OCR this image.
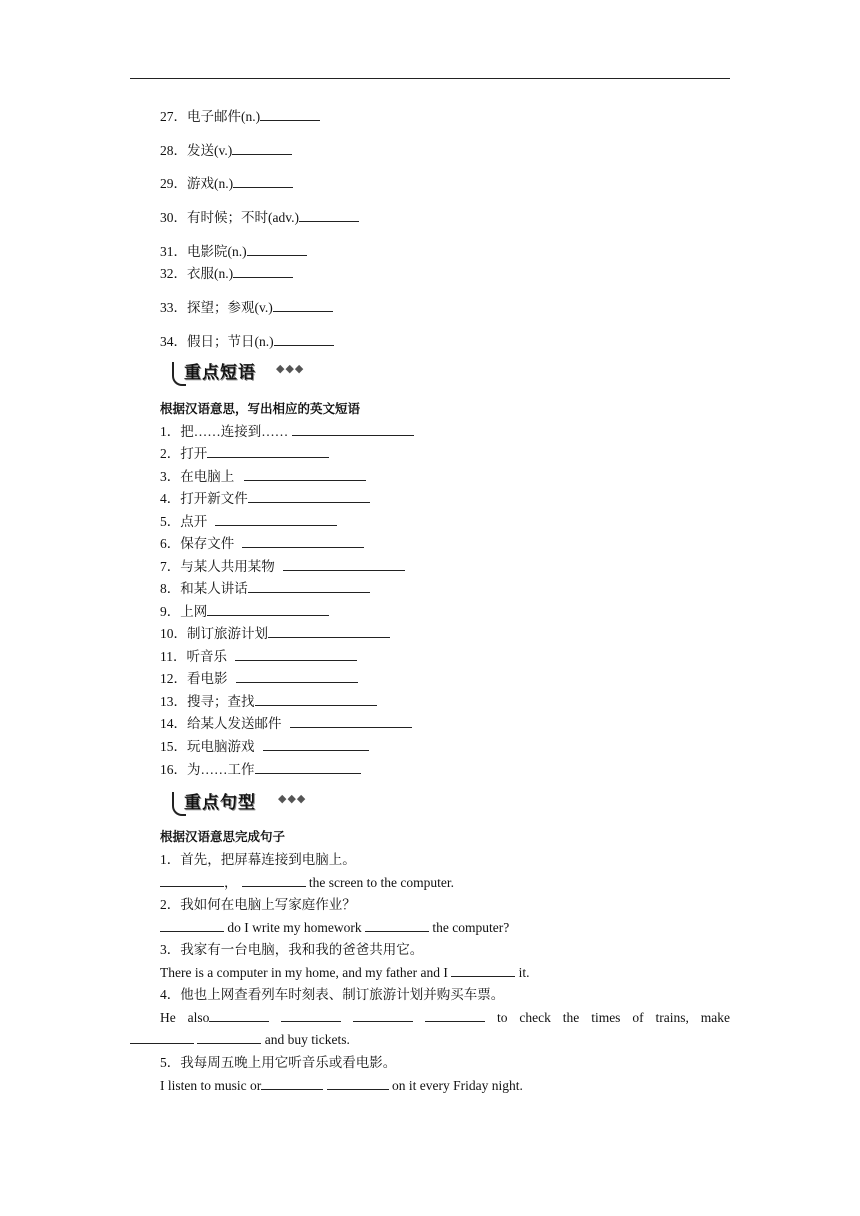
27．电子邮件(n.)
28．发送(v.)
29．游戏(n.)
30．有时候；不时(adv.)
31．电影院(n.)
32．衣服(n.)
33．探望；参观(v.)
34．假日；节日(n.)
重点短语 ◆◆◆
根据汉语意思，写出相应的英文短语
1．把……连接到……
2．打开
3．在电脑上
4．打开新文件
5．点开
6．保存文件
7．与某人共用某物
8．和某人讲话
9．上网
10．制订旅游计划
11．听音乐
12．看电影
13．搜寻；查找
14．给某人发送邮件
15．玩电脑游戏
16．为……工作
重点句型 ◆◆◆
根据汉语意思完成句子
1．首先，把屏幕连接到电脑上。
，	the screen to the computer.
2．我如何在电脑上写家庭作业？
do I write my homework	the computer?
3．我家有一台电脑，我和我的爸爸共用它。
There is a computer in my home, and my father and I	it.
4．他也上网查看列车时刻表、制订旅游计划并购买车票。
He also	to check the times of trains, make
and buy tickets.
5．我每周五晚上用它听音乐或看电影。
I listen to music or	on it every Friday night.
